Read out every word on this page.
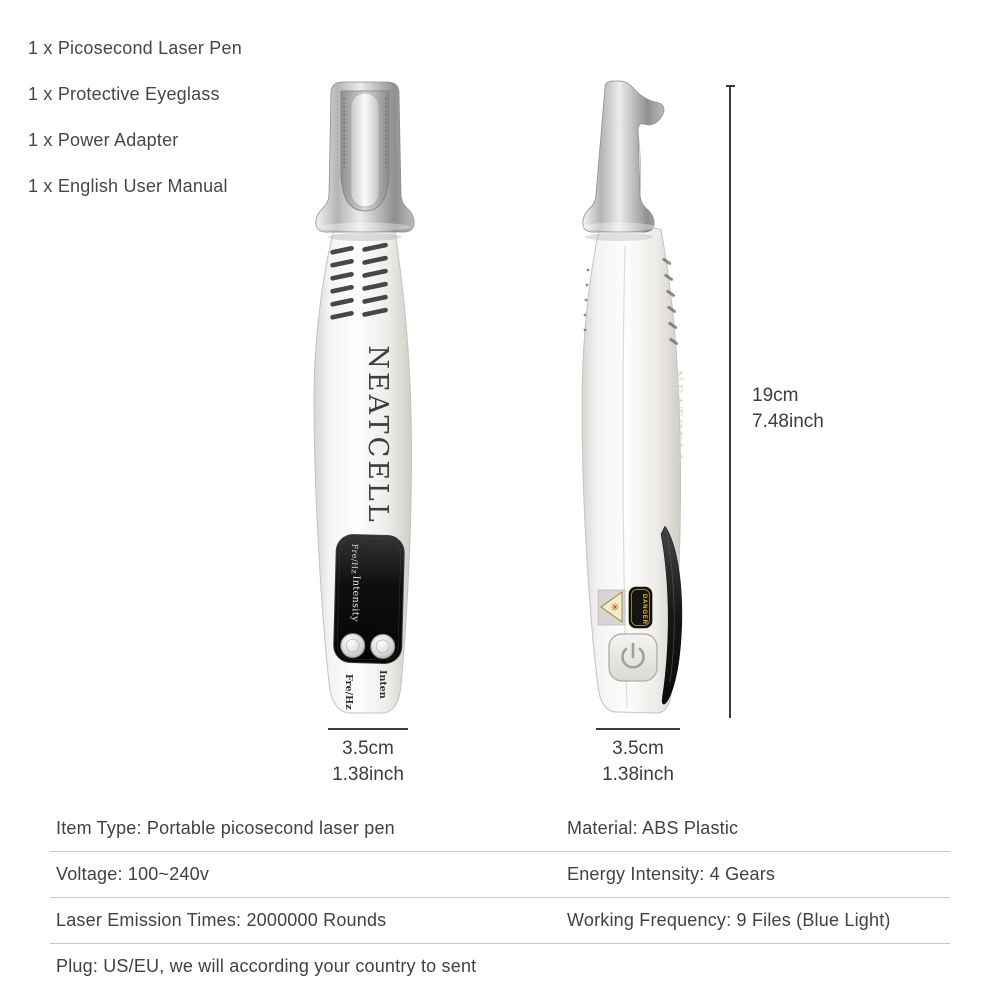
1 x Picosecond Laser Pen
1 x Protective Eyeglass
1 x Power Adapter
1 x English User Manual
NEATCELL
Fre/Hz
Intensity
Fre/Hz Inten
NEATCELL
✳	DANGER
19cm
7.48inch
3.5cm
1.38inch
3.5cm
1.38inch
Item Type: Portable picosecond laser pen	Material: ABS Plastic
Voltage: 100~240v	Energy Intensity: 4 Gears
Laser Emission Times: 2000000 Rounds	Working Frequency: 9 Files (Blue Light)
Plug: US/EU, we will according your country to sent
